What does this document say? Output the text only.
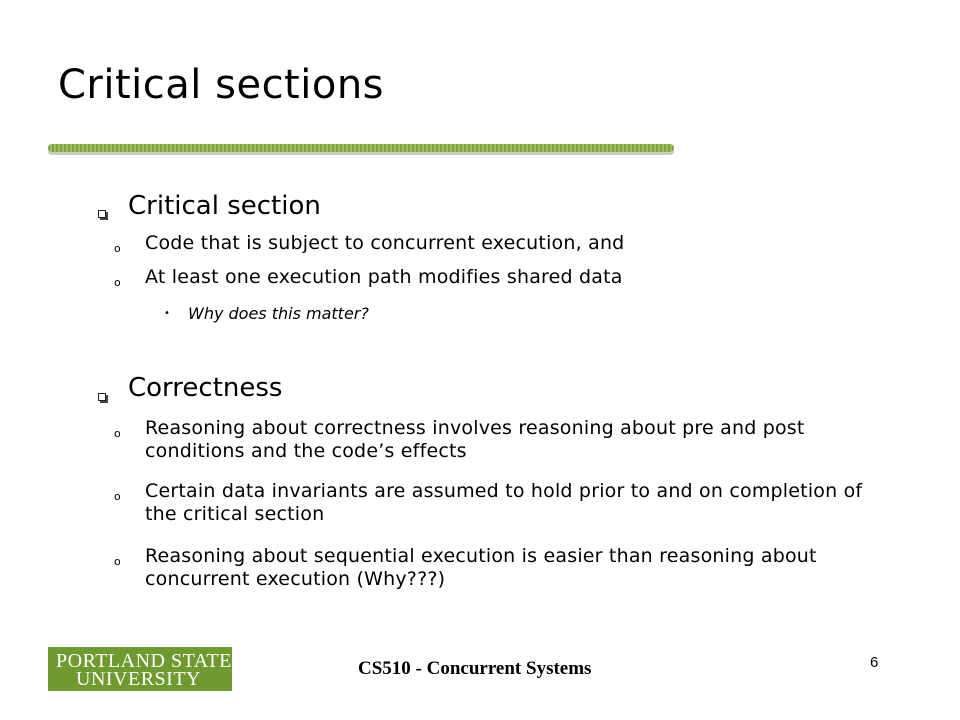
Critical sections
Critical section
o Code that is subject to concurrent execution, and
o At least one execution path modifies shared data
• Why does this matter?
Correctness
o Reasoning about correctness involves reasoning about pre and post conditions and the code’s effects
o Certain data invariants are assumed to hold prior to and on completion of the critical section
o Reasoning about sequential execution is easier than reasoning about concurrent execution (Why???)
PORTLAND STATE
UNIVERSITY	CS510 - Concurrent Systems	6
